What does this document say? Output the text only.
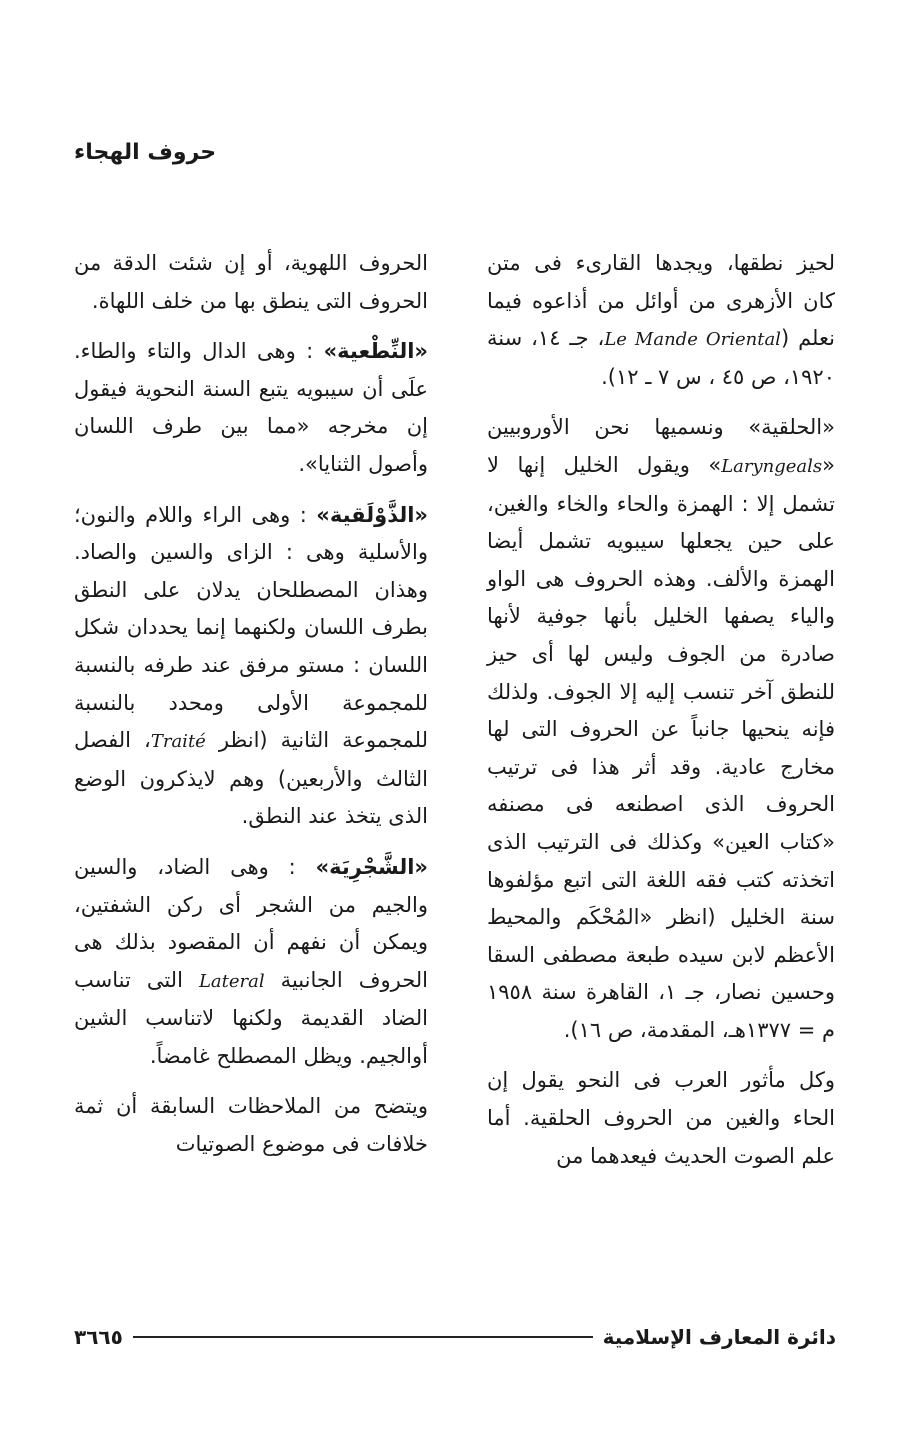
حروف الهجاء

لحيز نطقها، ويجدها القارىء فى متن كان الأزهرى من أوائل من أذاعوه فيما نعلم (Le Mande Oriental، جـ ١٤، سنة ١٩٢٠، ص ٤٥ ، س ٧ ـ ١٢).

«الحلقية» ونسميها نحن الأوروبيين «Laryngeals» ويقول الخليل إنها لا تشمل إلا : الهمزة والحاء والخاء والغين، على حين يجعلها سيبويه تشمل أيضا الهمزة والألف. وهذه الحروف هى الواو والياء يصفها الخليل بأنها جوفية لأنها صادرة من الجوف وليس لها أى حيز للنطق آخر تنسب إليه إلا الجوف. ولذلك فإنه ينحيها جانباً عن الحروف التى لها مخارج عادية. وقد أثر هذا فى ترتيب الحروف الذى اصطنعه فى مصنفه «كتاب العين» وكذلك فى الترتيب الذى اتخذته كتب فقه اللغة التى اتبع مؤلفوها سنة الخليل (انظر «المُحْكَم والمحيط الأعظم لابن سيده طبعة مصطفى السقا وحسين نصار، جـ ١، القاهرة سنة ١٩٥٨ م = ١٣٧٧هـ، المقدمة، ص ١٦).

وكل مأثور العرب فى النحو يقول إن الحاء والغين من الحروف الحلقية. أما علم الصوت الحديث فيعدهما من

الحروف اللهوية، أو إن شئت الدقة من الحروف التى ينطق بها من خلف اللهاة.

«النِّطْعية» : وهى الدال والتاء والطاء. علَى أن سيبويه يتبع السنة النحوية فيقول إن مخرجه «مما بين طرف اللسان وأصول الثنايا».

«الذَّوْلَقية» : وهى الراء واللام والنون؛ والأسلية وهى : الزاى والسين والصاد. وهذان المصطلحان يدلان على النطق بطرف اللسان ولكنهما إنما يحددان شكل اللسان : مستو مرفق عند طرفه بالنسبة للمجموعة الأولى ومحدد بالنسبة للمجموعة الثانية (انظر Traité، الفصل الثالث والأربعين) وهم لايذكرون الوضع الذى يتخذ عند النطق.

«الشَّجْرِيَة» : وهى الضاد، والسين والجيم من الشجر أى ركن الشفتين، ويمكن أن نفهم أن المقصود بذلك هى الحروف الجانبية Lateral التى تناسب الضاد القديمة ولكنها لاتناسب الشين أوالجيم. ويظل المصطلح غامضاً.

ويتضح من الملاحظات السابقة أن ثمة خلافات فى موضوع الصوتيات

٣٦٦٥	دائرة المعارف الإسلامية
